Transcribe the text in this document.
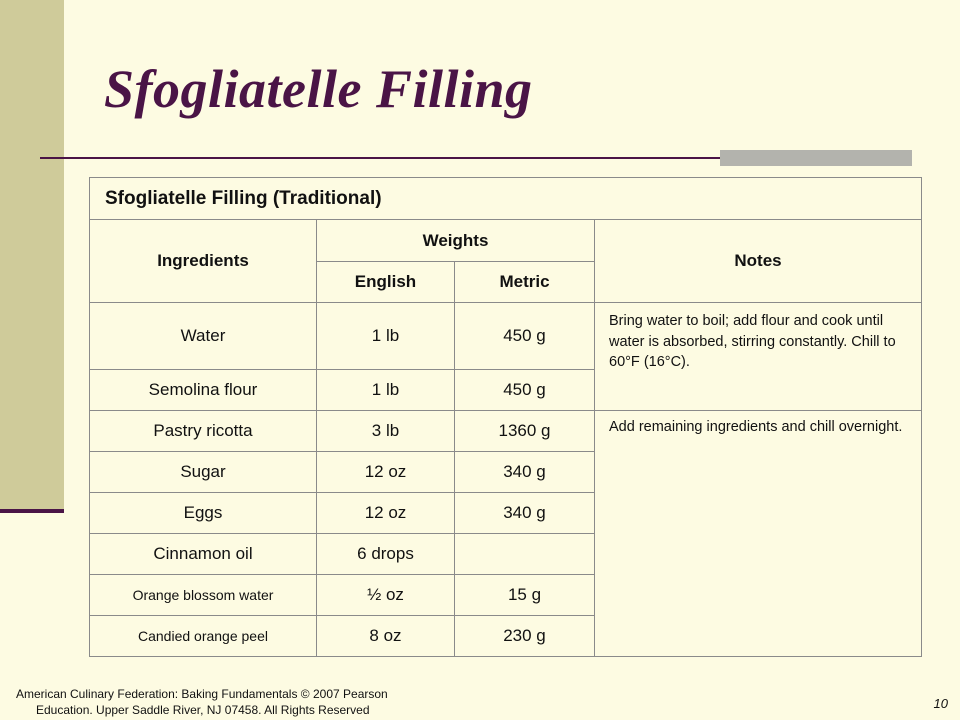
Sfogliatelle Filling
Sfogliatelle Filling (Traditional)			
Ingredients	Weights		Notes
	English	Metric	
Water	1 lb	450 g	Bring water to boil; add flour and cook until water is absorbed, stirring constantly. Chill to 60°F (16°C).
Semolina flour	1 lb	450 g	
Pastry ricotta	3 lb	1360 g	Add remaining ingredients and chill overnight.
Sugar	12 oz	340 g	
Eggs	12 oz	340 g	
Cinnamon oil	6 drops		
Orange blossom water	½ oz	15 g	
Candied orange peel	8 oz	230 g	

American Culinary Federation: Baking Fundamentals © 2007 Pearson
Education. Upper Saddle River, NJ 07458. All Rights Reserved	10
